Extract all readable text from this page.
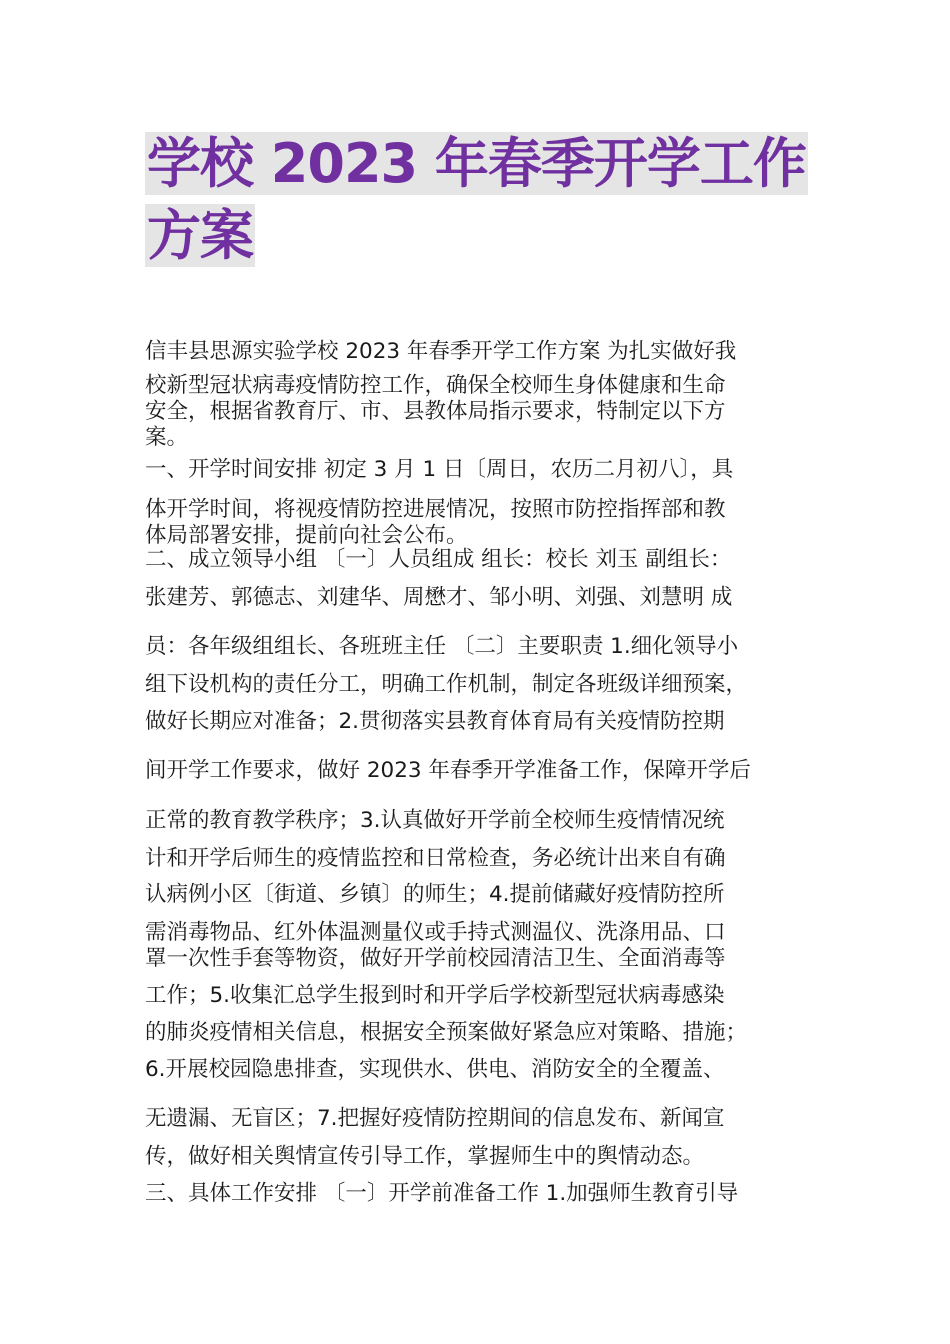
学校 2023 年春季开学工作
方案
信丰县思源实验学校 2023 年春季开学工作方案 为扎实做好我
校新型冠状病毒疫情防控工作，确保全校师生身体健康和生命
安全，根据省教育厅、市、县教体局指示要求，特制定以下方
案。
一、开学时间安排 初定 3 月 1 日〔周日，农历二月初八〕，具
体开学时间，将视疫情防控进展情况，按照市防控指挥部和教
体局部署安排，提前向社会公布。
二、成立领导小组 〔一〕人员组成 组长：校长 刘玉 副组长：
张建芳、郭德志、刘建华、周懋才、邹小明、刘强、刘慧明 成
员：各年级组组长、各班班主任 〔二〕主要职责 1.细化领导小
组下设机构的责任分工，明确工作机制，制定各班级详细预案，
做好长期应对准备；2.贯彻落实县教育体育局有关疫情防控期
间开学工作要求，做好 2023 年春季开学准备工作，保障开学后
正常的教育教学秩序；3.认真做好开学前全校师生疫情情况统
计和开学后师生的疫情监控和日常检查，务必统计出来自有确
认病例小区〔街道、乡镇〕的师生；4.提前储藏好疫情防控所
需消毒物品、红外体温测量仪或手持式测温仪、洗涤用品、口
罩一次性手套等物资，做好开学前校园清洁卫生、全面消毒等
工作；5.收集汇总学生报到时和开学后学校新型冠状病毒感染
的肺炎疫情相关信息，根据安全预案做好紧急应对策略、措施；
6.开展校园隐患排查，实现供水、供电、消防安全的全覆盖、
无遗漏、无盲区；7.把握好疫情防控期间的信息发布、新闻宣
传，做好相关舆情宣传引导工作，掌握师生中的舆情动态。
三、具体工作安排 〔一〕开学前准备工作 1.加强师生教育引导
